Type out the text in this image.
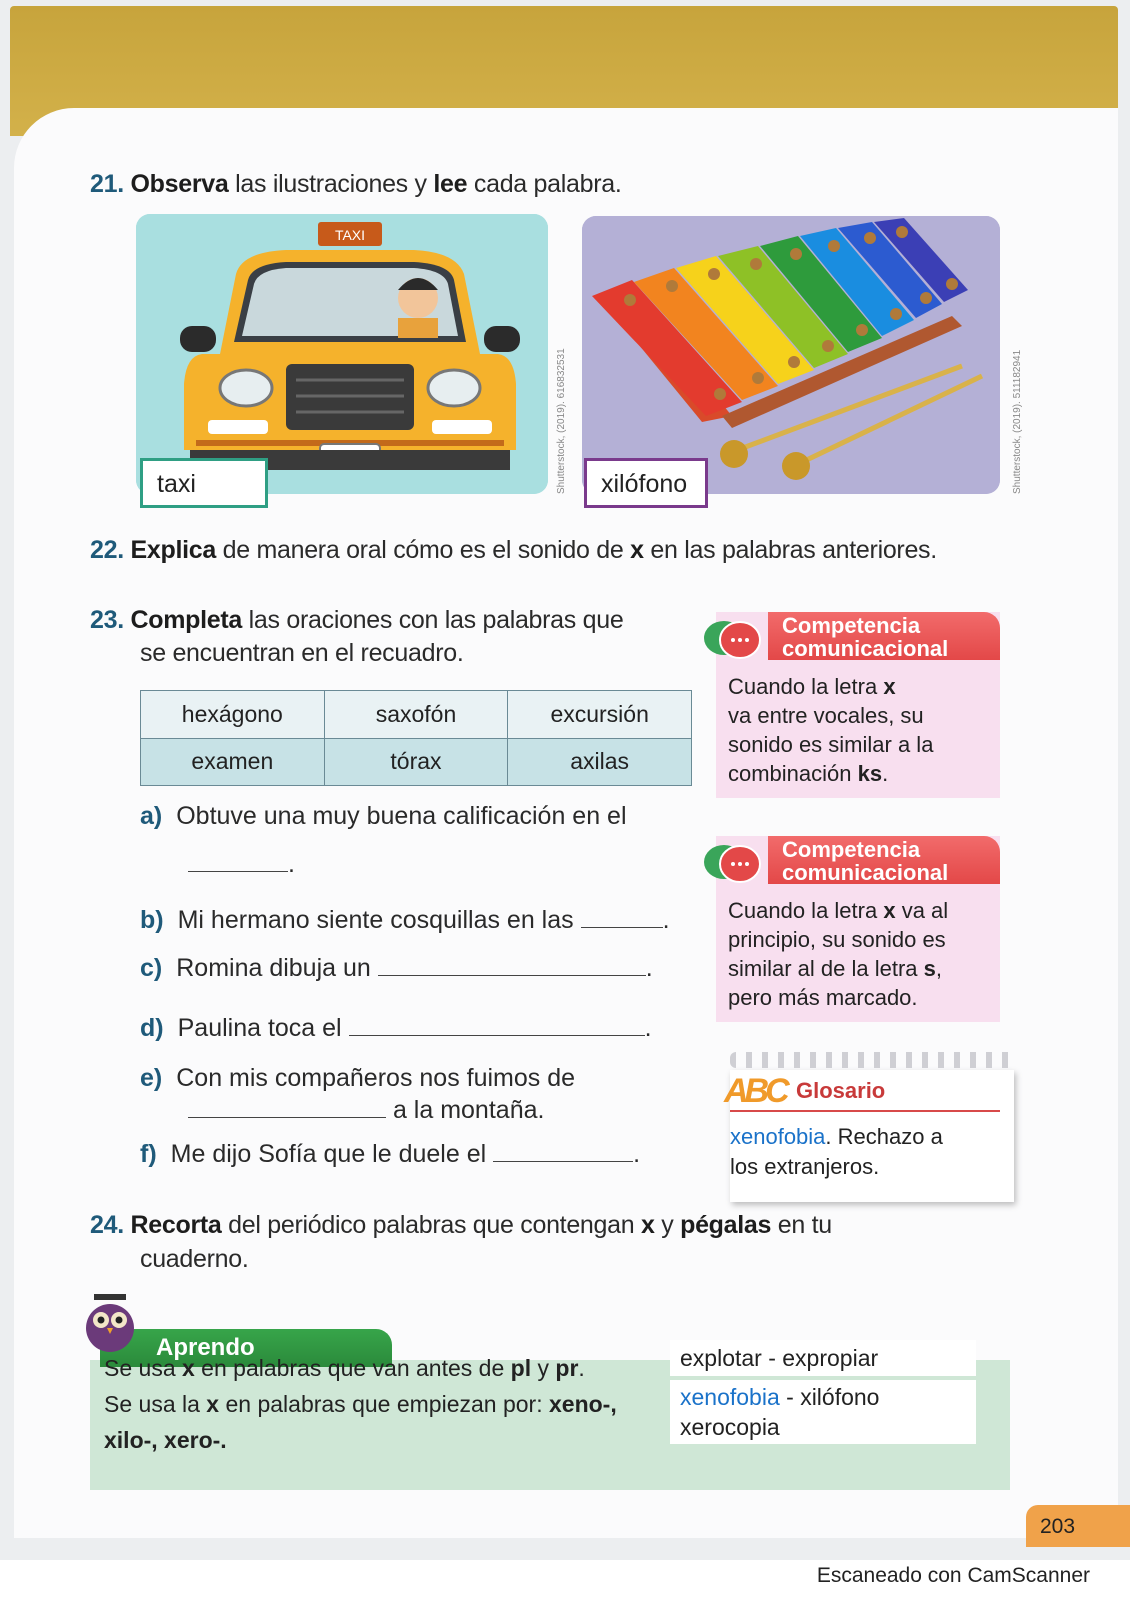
21. Observa las ilustraciones y lee cada palabra.
TAXI
taxi	Shutterstock, (2019). 616832531	xilófono	Shutterstock, (2019). 511182941
22. Explica de manera oral cómo es el sonido de x en las palabras anteriores.
23. Completa las oraciones con las palabras que
se encuentran en el recuadro.
hexágono	saxofón	excursión
examen	tórax	axilas
a) Obtuve una muy buena calificación en el
.
b) Mi hermano siente cosquillas en las	.
c) Romina dibuja un	.
d) Paulina toca el	.
e) Con mis compañeros nos fuimos de
a la montaña.
f) Me dijo Sofía que le duele el	.
Competencia
comunicacional
Cuando la letra x
va entre vocales, su
sonido es similar a la
combinación ks.
Competencia
comunicacional
Cuando la letra x va al
principio, su sonido es
similar al de la letra s,
pero más marcado.
ABC Glosario
xenofobia. Rechazo a
los extranjeros.
24. Recorta del periódico palabras que contengan x y pégalas en tu
cuaderno.
Aprendo
Se usa x en palabras que van antes de pl y pr.
Se usa la x en palabras que empiezan por: xeno-,
xilo-, xero-.
explotar - expropiar
xenofobia - xilófono
xerocopia
203
Escaneado con CamScanner
